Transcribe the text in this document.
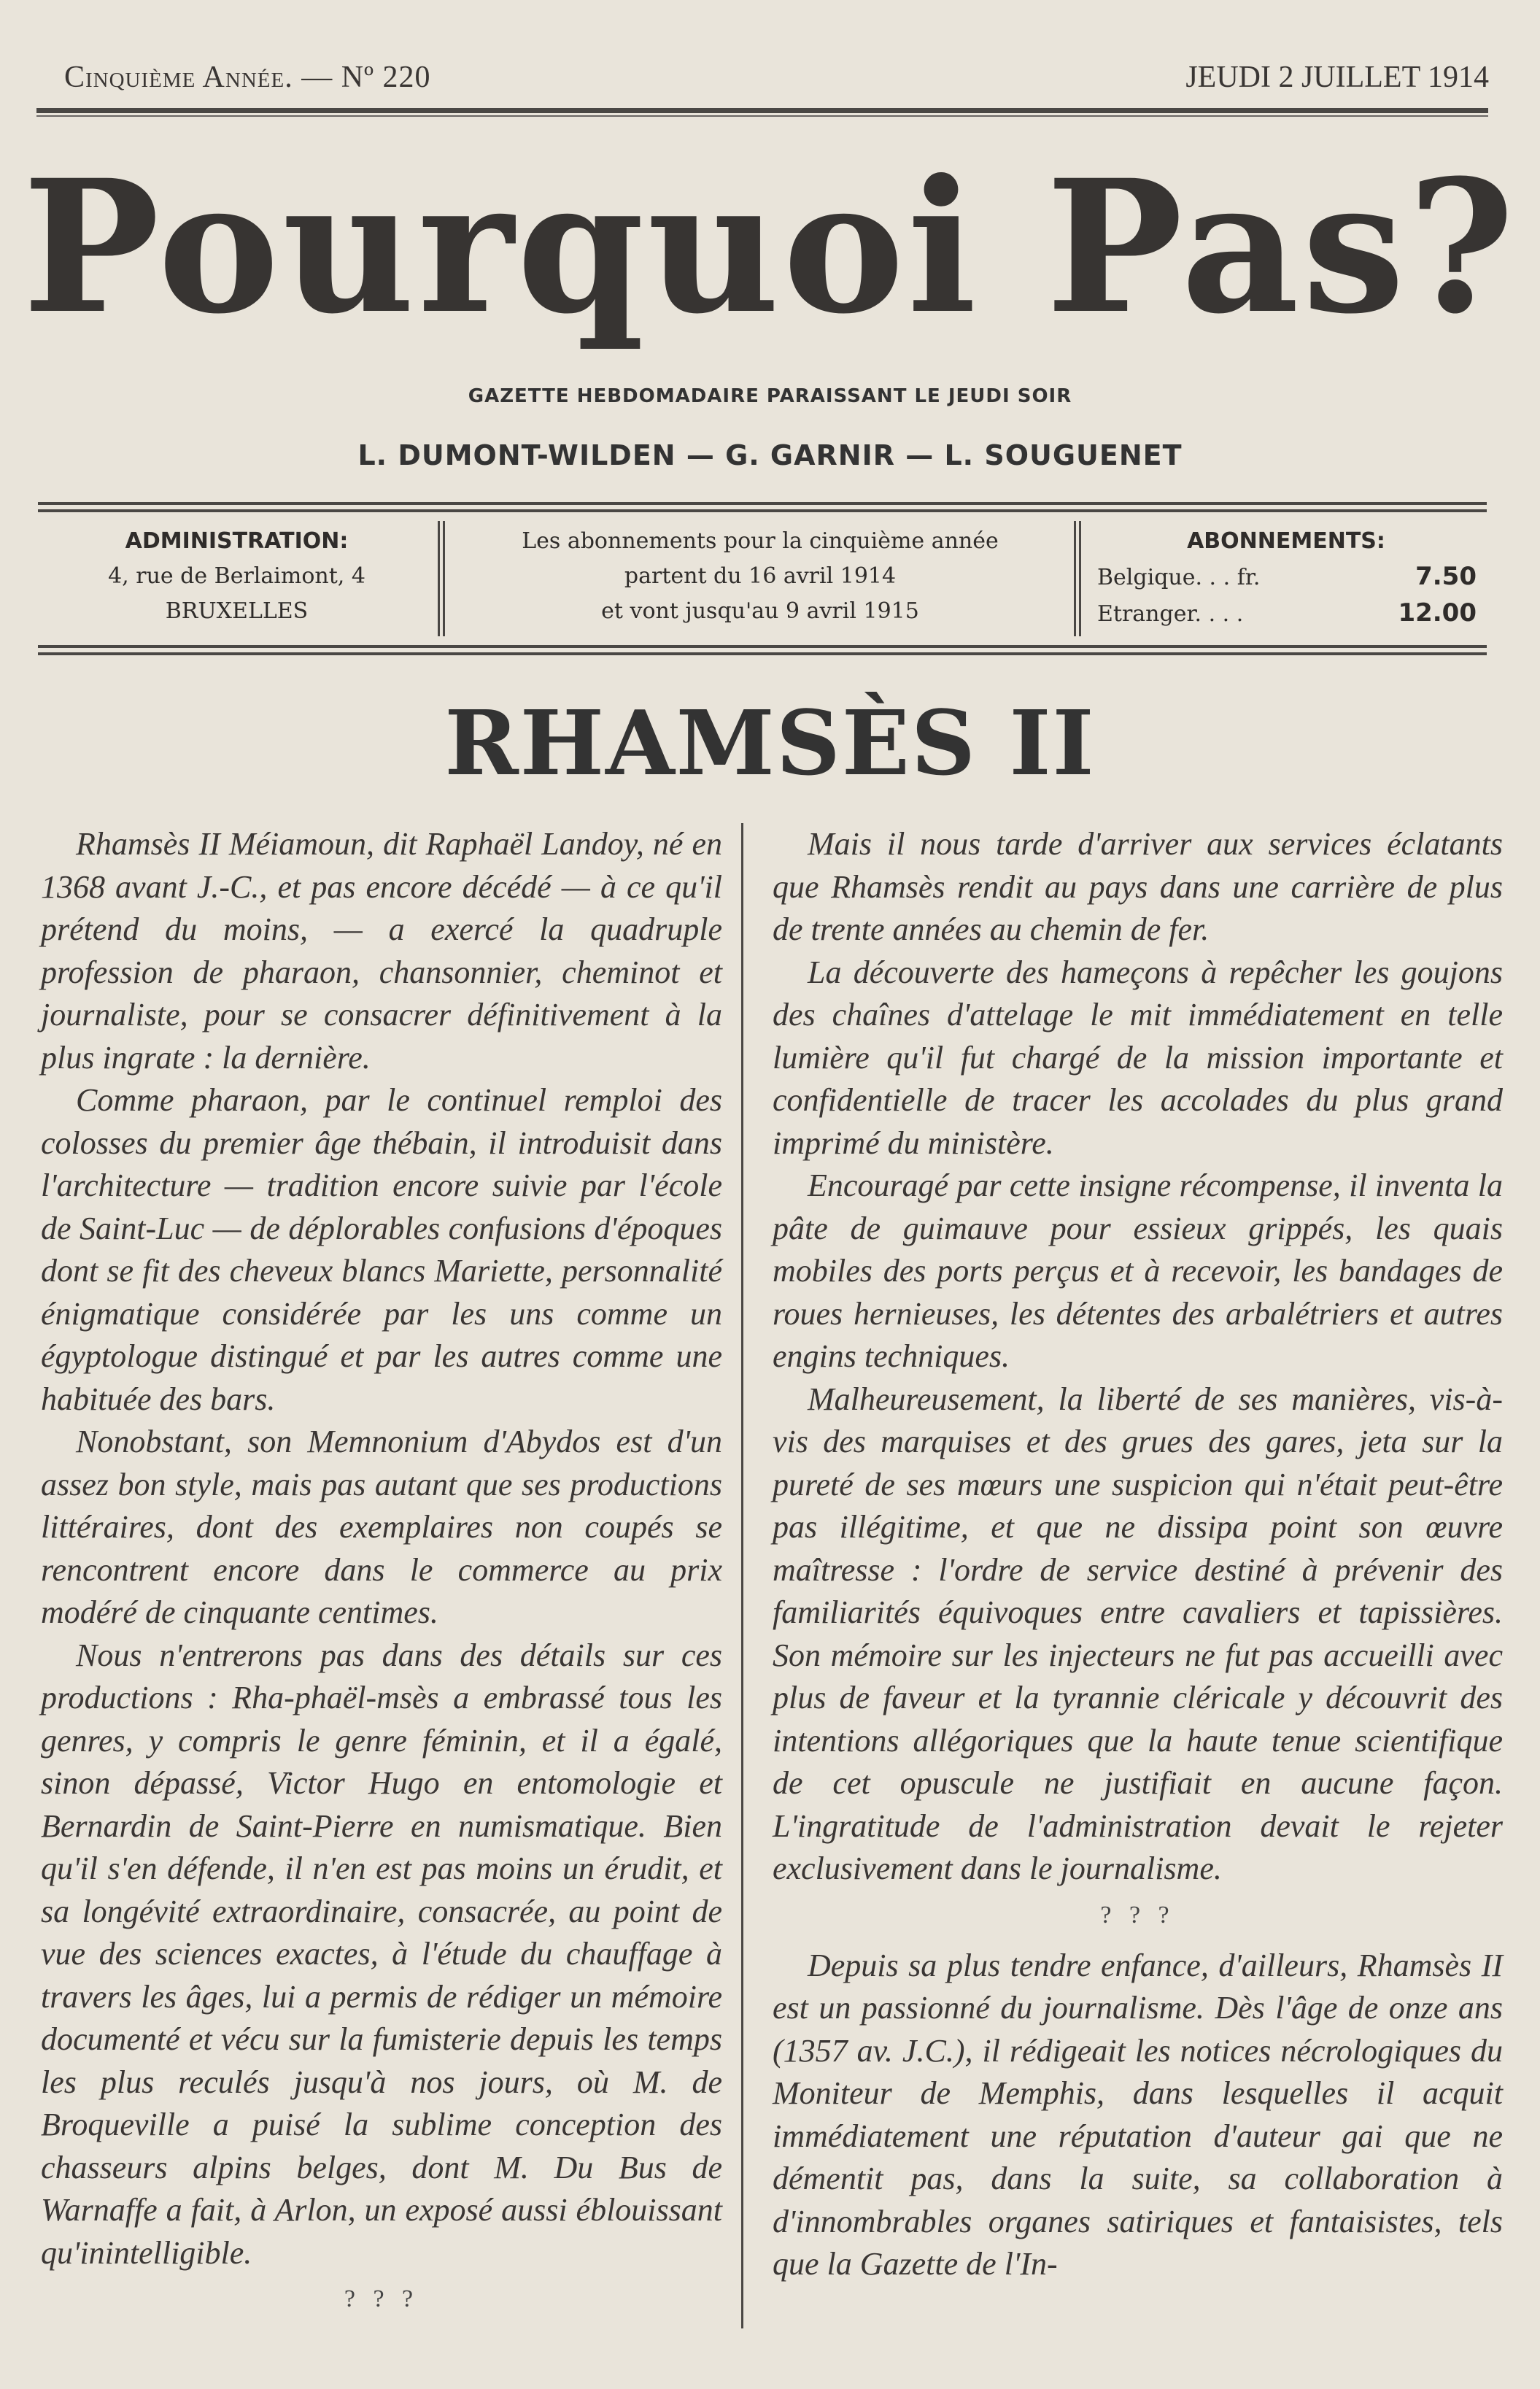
Cinquième Année. — Nº 220	JEUDI 2 JUILLET 1914
Pourquoi Pas?
GAZETTE HEBDOMADAIRE PARAISSANT LE JEUDI SOIR
L. DUMONT-WILDEN — G. GARNIR — L. SOUGUENET
ADMINISTRATION:
4, rue de Berlaimont, 4
BRUXELLES
Les abonnements pour la cinquième année
partent du 16 avril 1914
et vont jusqu'au 9 avril 1915
ABONNEMENTS:
Belgique. . . fr.	7.50
Etranger. . . .	12.00
RHAMSÈS II

Rhamsès II Méiamoun, dit Raphaël Landoy, né en 1368 avant J.-C., et pas encore décédé — à ce qu'il prétend du moins, — a exercé la quadruple profession de pharaon, chansonnier, cheminot et journaliste, pour se consacrer définitivement à la plus ingrate : la dernière.

Comme pharaon, par le continuel remploi des colosses du premier âge thébain, il introduisit dans l'architecture — tradition encore suivie par l'école de Saint-Luc — de déplorables confusions d'époques dont se fit des cheveux blancs Mariette, personnalité énigmatique considérée par les uns comme un égyptologue distingué et par les autres comme une habituée des bars.

Nonobstant, son Memnonium d'Abydos est d'un assez bon style, mais pas autant que ses productions littéraires, dont des exemplaires non coupés se rencontrent encore dans le commerce au prix modéré de cinquante centimes.

Nous n'entrerons pas dans des détails sur ces productions : Rha-phaël-msès a embrassé tous les genres, y compris le genre féminin, et il a égalé, sinon dépassé, Victor Hugo en entomologie et Bernardin de Saint-Pierre en numismatique. Bien qu'il s'en défende, il n'en est pas moins un érudit, et sa longévité extraordinaire, consacrée, au point de vue des sciences exactes, à l'étude du chauffage à travers les âges, lui a permis de rédiger un mémoire documenté et vécu sur la fumisterie depuis les temps les plus reculés jusqu'à nos jours, où M. de Broqueville a puisé la sublime conception des chasseurs alpins belges, dont M. Du Bus de Warnaffe a fait, à Arlon, un exposé aussi éblouissant qu'inintelligible.

? ? ?

Mais il nous tarde d'arriver aux services éclatants que Rhamsès rendit au pays dans une carrière de plus de trente années au chemin de fer.

La découverte des hameçons à repêcher les goujons des chaînes d'attelage le mit immédiatement en telle lumière qu'il fut chargé de la mission importante et confidentielle de tracer les accolades du plus grand imprimé du ministère.

Encouragé par cette insigne récompense, il inventa la pâte de guimauve pour essieux grippés, les quais mobiles des ports perçus et à recevoir, les bandages de roues hernieuses, les détentes des arbalétriers et autres engins techniques.

Malheureusement, la liberté de ses manières, vis-à-vis des marquises et des grues des gares, jeta sur la pureté de ses mœurs une suspicion qui n'était peut-être pas illégitime, et que ne dissipa point son œuvre maîtresse : l'ordre de service destiné à prévenir des familiarités équivoques entre cavaliers et tapissières. Son mémoire sur les injecteurs ne fut pas accueilli avec plus de faveur et la tyrannie cléricale y découvrit des intentions allégoriques que la haute tenue scientifique de cet opuscule ne justifiait en aucune façon. L'ingratitude de l'administration devait le rejeter exclusivement dans le journalisme.

? ? ?

Depuis sa plus tendre enfance, d'ailleurs, Rhamsès II est un passionné du journalisme. Dès l'âge de onze ans (1357 av. J.C.), il rédigeait les notices nécrologiques du Moniteur de Memphis, dans lesquelles il acquit immédiatement une réputation d'auteur gai que ne démentit pas, dans la suite, sa collaboration à d'innombrables organes satiriques et fantaisistes, tels que la Gazette de l'In-
